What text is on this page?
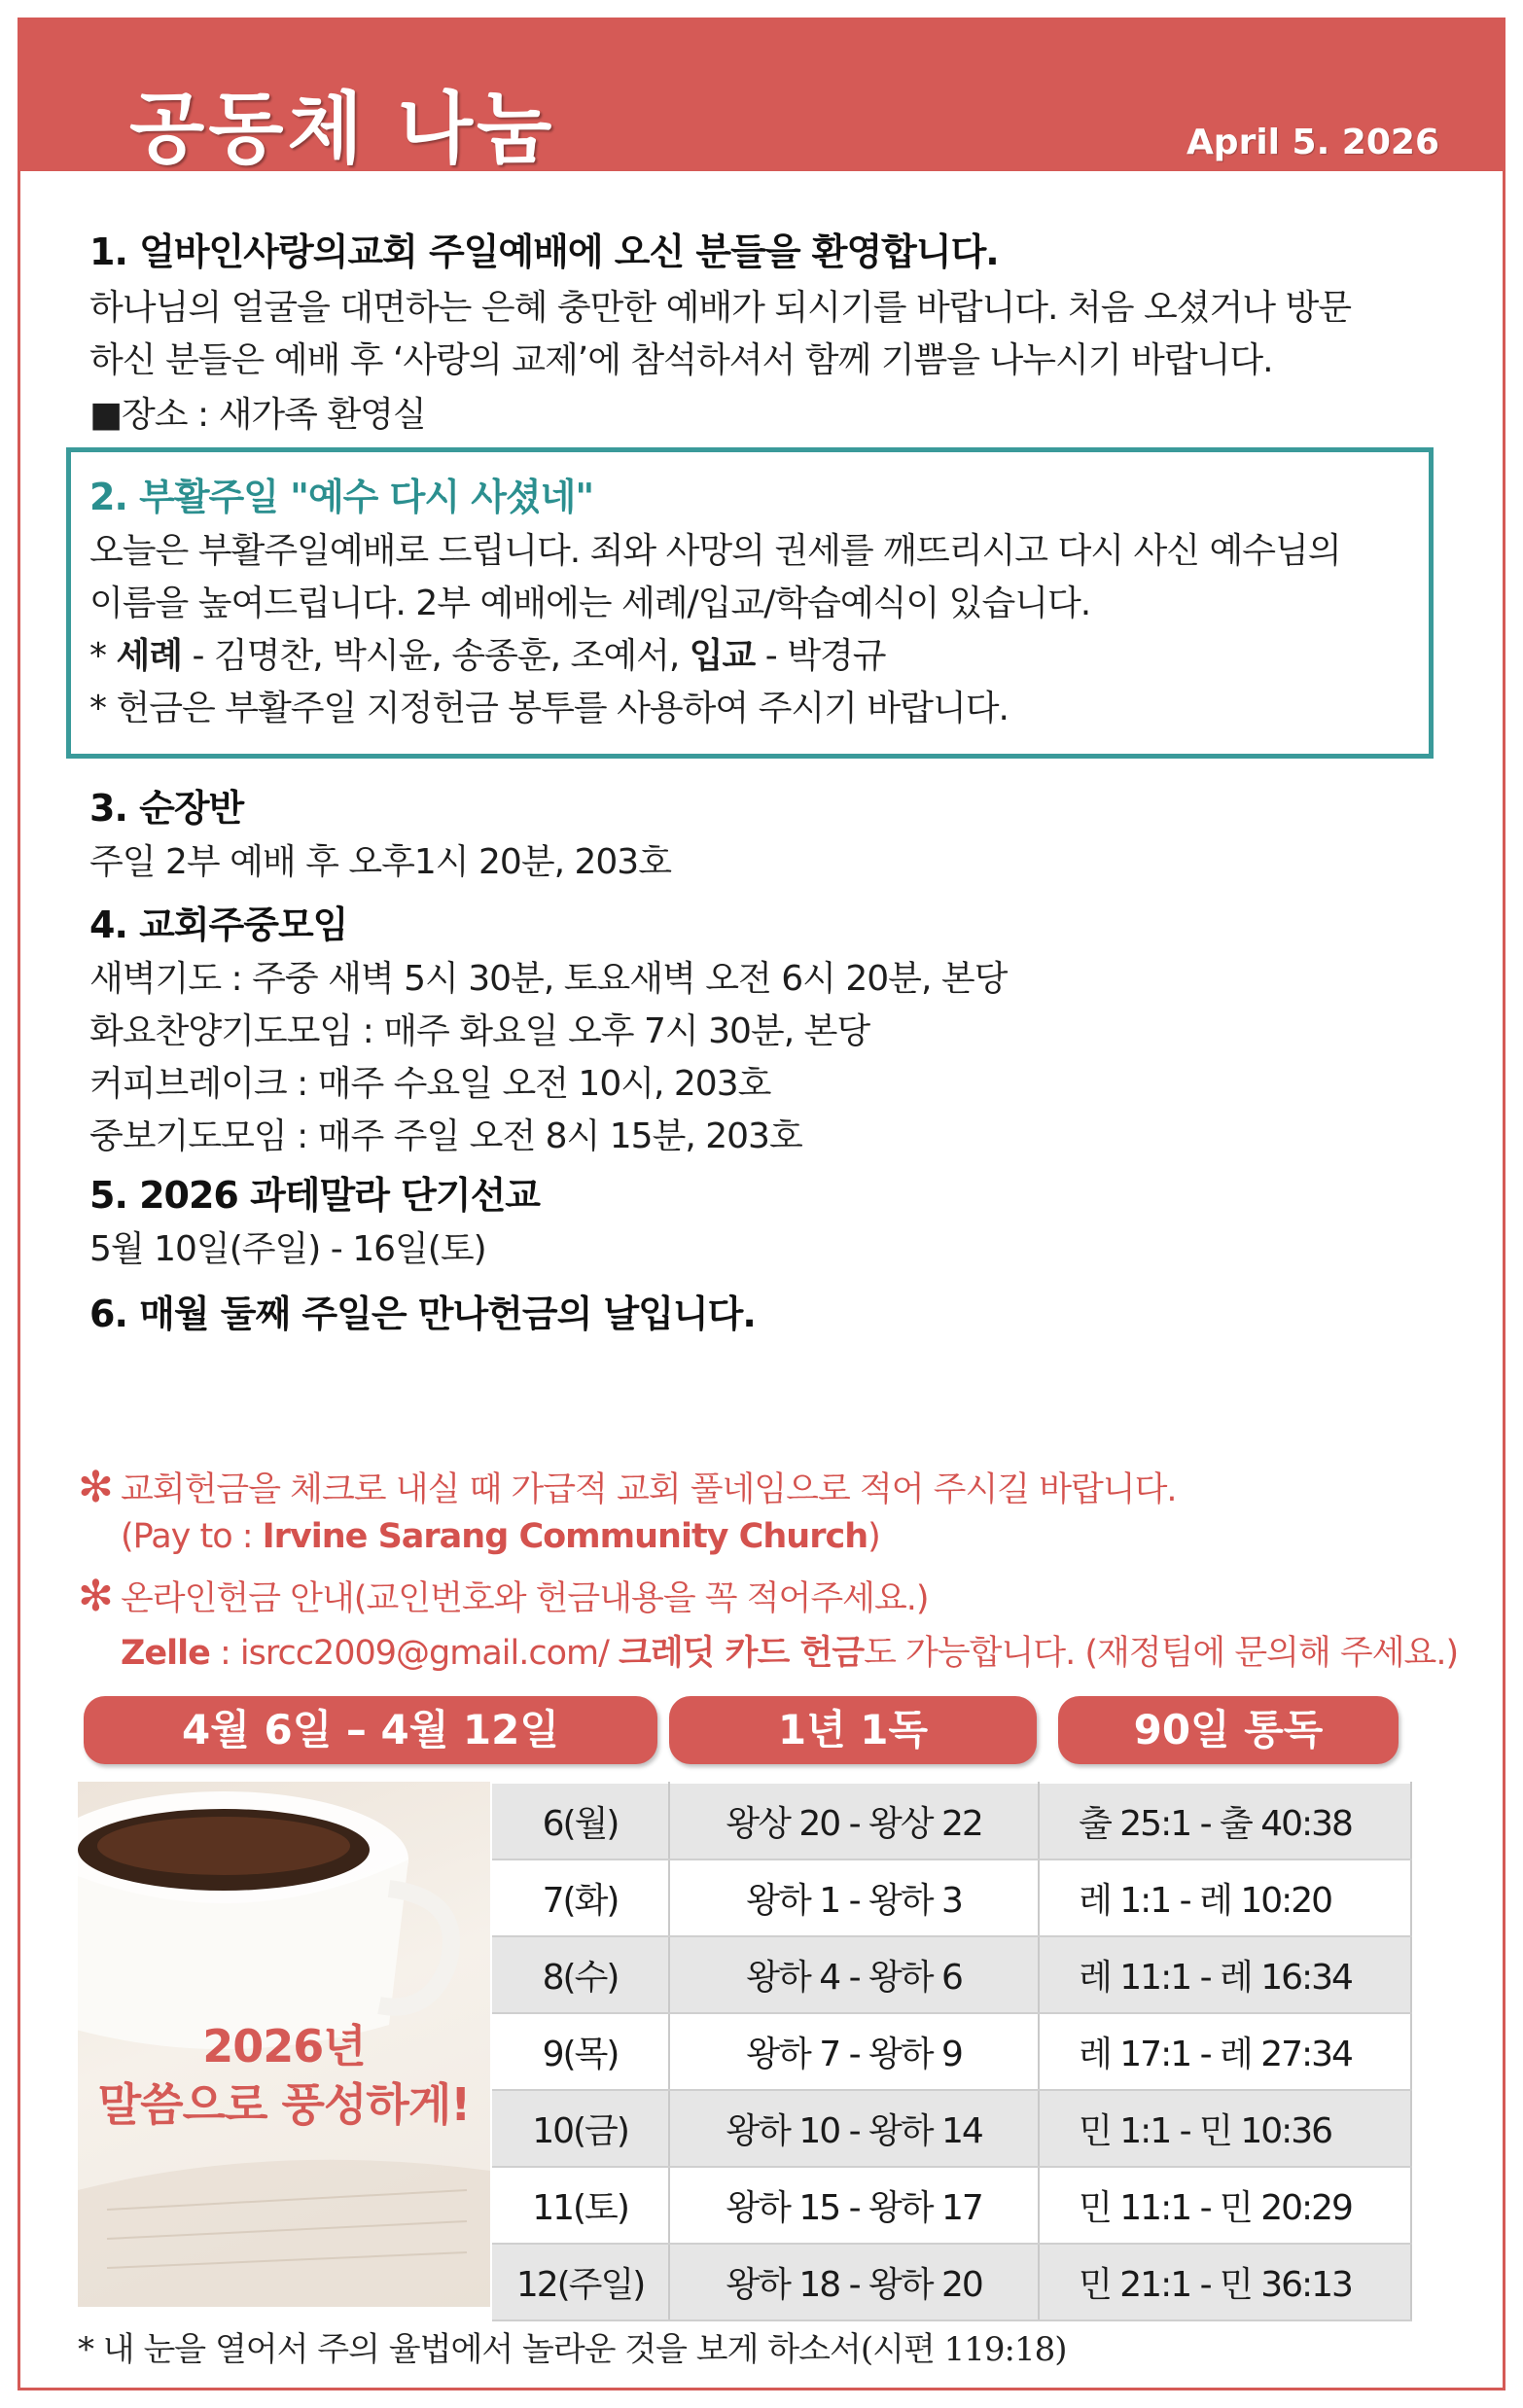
공동체 나눔	April 5. 2026
1. 얼바인사랑의교회 주일예배에 오신 분들을 환영합니다.
하나님의 얼굴을 대면하는 은혜 충만한 예배가 되시기를 바랍니다. 처음 오셨거나 방문
하신 분들은 예배 후 ‘사랑의 교제’에 참석하셔서 함께 기쁨을 나누시기 바랍니다.
■장소 : 새가족 환영실
2. 부활주일 "예수 다시 사셨네"
오늘은 부활주일예배로 드립니다. 죄와 사망의 권세를 깨뜨리시고 다시 사신 예수님의
이름을 높여드립니다. 2부 예배에는 세례/입교/학습예식이 있습니다.
* 세례 - 김명찬, 박시윤, 송종훈, 조예서, 입교 - 박경규
* 헌금은 부활주일 지정헌금 봉투를 사용하여 주시기 바랍니다.
3. 순장반
주일 2부 예배 후 오후1시 20분, 203호
4. 교회주중모임
새벽기도 : 주중 새벽 5시 30분, 토요새벽 오전 6시 20분, 본당
화요찬양기도모임 : 매주 화요일 오후 7시 30분, 본당
커피브레이크 : 매주 수요일 오전 10시, 203호
중보기도모임 : 매주 주일 오전 8시 15분, 203호
5. 2026 과테말라 단기선교
5월 10일(주일) - 16일(토)
6. 매월 둘째 주일은 만나헌금의 날입니다.
✻ 교회헌금을 체크로 내실 때 가급적 교회 풀네임으로 적어 주시길 바랍니다.
(Pay to : Irvine Sarang Community Church)
✻ 온라인헌금 안내(교인번호와 헌금내용을 꼭 적어주세요.)
Zelle : isrcc2009@gmail.com/ 크레딧 카드 헌금도 가능합니다. (재정팀에 문의해 주세요.)
4월 6일 – 4월 12일	1년 1독	90일 통독
2026년
말씀으로 풍성하게!
6(월)	왕상 20 - 왕상 22	출 25:1 - 출 40:38
7(화)	왕하 1 - 왕하 3	레 1:1 - 레 10:20
8(수)	왕하 4 - 왕하 6	레 11:1 - 레 16:34
9(목)	왕하 7 - 왕하 9	레 17:1 - 레 27:34
10(금)	왕하 10 - 왕하 14	민 1:1 - 민 10:36
11(토)	왕하 15 - 왕하 17	민 11:1 - 민 20:29
12(주일)	왕하 18 - 왕하 20	민 21:1 - 민 36:13
* 내 눈을 열어서 주의 율법에서 놀라운 것을 보게 하소서(시편 119:18)
